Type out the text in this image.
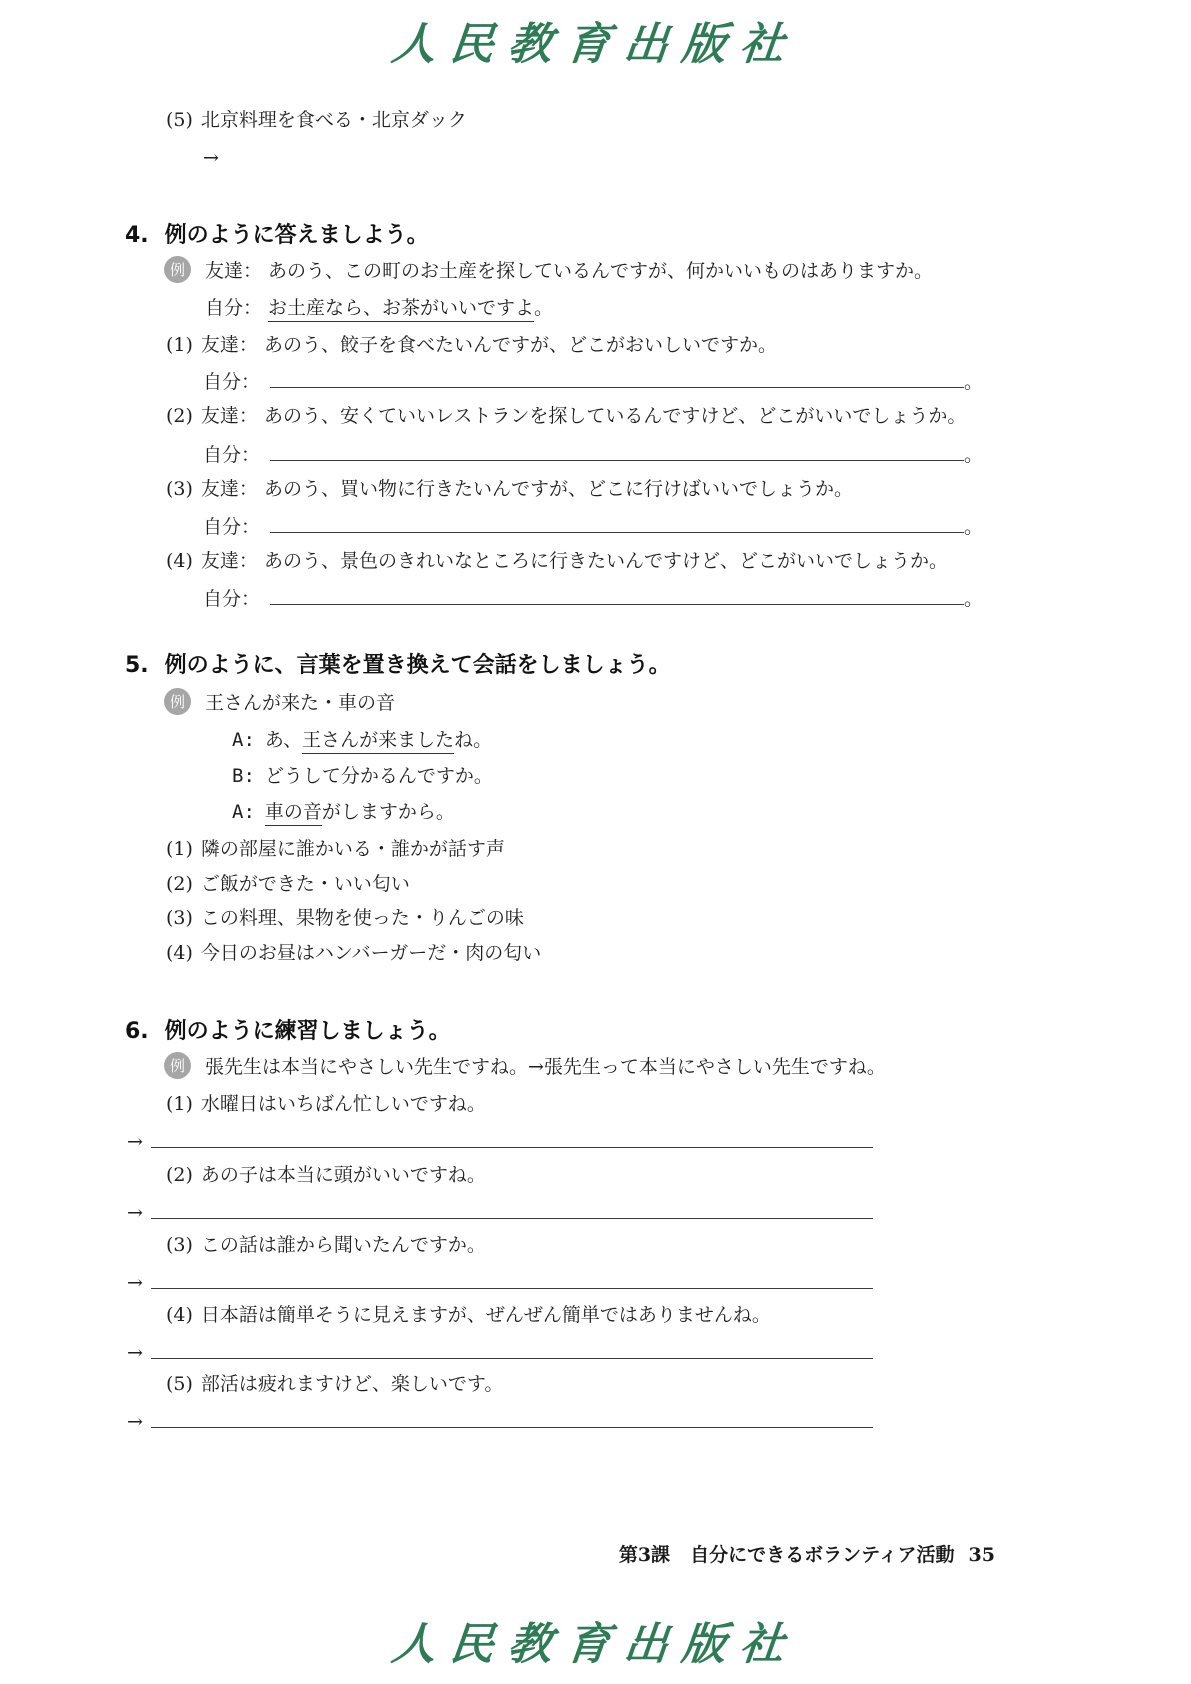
人民教育出版社
(5) 北京料理を食べる・北京ダック
→
4. 例のように答えましよう。
例	友達： あのう、この町のお土産を探しているんですが、何かいいものはありますか。
自分： お土産なら、お茶がいいですよ。
(1) 友達： あのう、餃子を食べたいんですが、どこがおいしいですか。
自分：	。
(2) 友達： あのう、安くていいレストランを探しているんですけど、どこがいいでしょうか。
自分：	。
(3) 友達： あのう、買い物に行きたいんですが、どこに行けばいいでしょうか。
自分：	。
(4) 友達： あのう、景色のきれいなところに行きたいんですけど、どこがいいでしょうか。
自分：	。
5. 例のように、言葉を置き換えて会話をしましょう。
例	王さんが来た・車の音
A: あ、王さんが来ましたね。
B: どうして分かるんですか。
A: 車の音がしますから。
(1) 隣の部屋に誰かいる・誰かが話す声
(2) ご飯ができた・いい匂い
(3) この料理、果物を使った・りんごの味
(4) 今日のお昼はハンバーガーだ・肉の匂い
6. 例のように練習しましょう。
例	張先生は本当にやさしい先生ですね。→張先生って本当にやさしい先生ですね。
(1) 水曜日はいちばん忙しいですね。
→
(2) あの子は本当に頭がいいですね。
→
(3) この話は誰から聞いたんですか。
→
(4) 日本語は簡単そうに見えますが、ぜんぜん簡単ではありませんね。
→
(5) 部活は疲れますけど、楽しいです。
→
第3課 自分にできるボランティア活動 35
人民教育出版社
